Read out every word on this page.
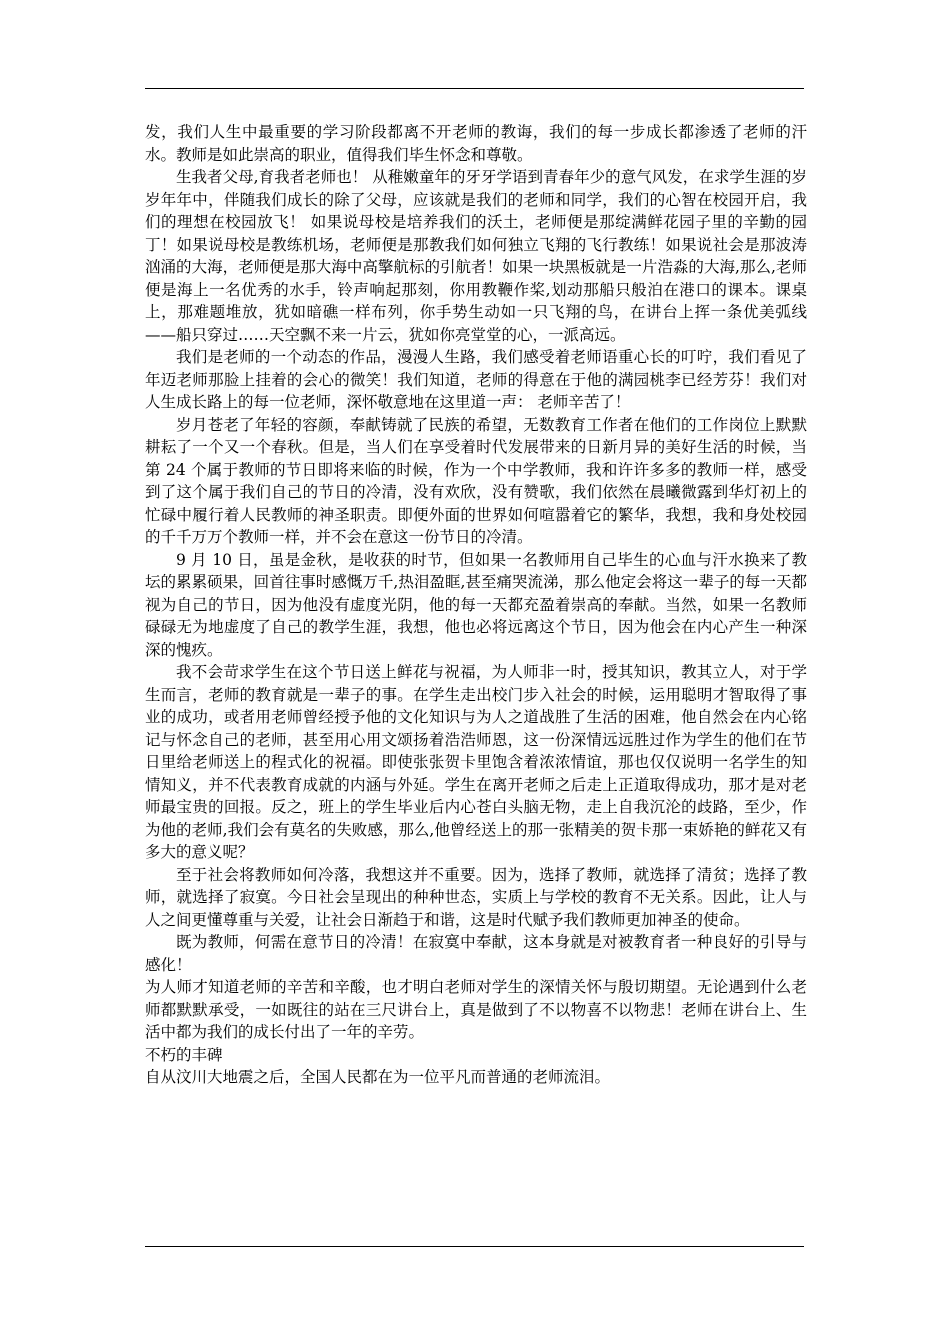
发，我们人生中最重要的学习阶段都离不开老师的教诲，我们的每一步成长都渗透了老师的汗水。教师是如此崇高的职业，值得我们毕生怀念和尊敬。

生我者父母,育我者老师也！ 从稚嫩童年的牙牙学语到青春年少的意气风发，在求学生涯的岁岁年年中，伴随我们成长的除了父母，应该就是我们的老师和同学，我们的心智在校园开启，我们的理想在校园放飞！ 如果说母校是培养我们的沃土，老师便是那绽满鲜花园子里的辛勤的园丁！如果说母校是教练机场，老师便是那教我们如何独立飞翔的飞行教练！如果说社会是那波涛汹涌的大海，老师便是那大海中高擎航标的引航者！如果一块黑板就是一片浩淼的大海,那么,老师便是海上一名优秀的水手，铃声响起那刻，你用教鞭作桨,划动那船只般泊在港口的课本。课桌上，那难题堆放，犹如暗礁一样布列，你手势生动如一只飞翔的鸟，在讲台上挥一条优美弧线——船只穿过……天空飘不来一片云，犹如你亮堂堂的心，一派高远。

我们是老师的一个动态的作品，漫漫人生路，我们感受着老师语重心长的叮咛，我们看见了年迈老师那脸上挂着的会心的微笑！我们知道，老师的得意在于他的满园桃李已经芳芬！我们对人生成长路上的每一位老师，深怀敬意地在这里道一声： 老师辛苦了！

岁月苍老了年轻的容颜，奉献铸就了民族的希望，无数教育工作者在他们的工作岗位上默默耕耘了一个又一个春秋。但是，当人们在享受着时代发展带来的日新月异的美好生活的时候，当第 24 个属于教师的节日即将来临的时候，作为一个中学教师，我和许许多多的教师一样，感受到了这个属于我们自己的节日的冷清，没有欢欣，没有赞歌，我们依然在晨曦微露到华灯初上的忙碌中履行着人民教师的神圣职责。即便外面的世界如何喧嚣着它的繁华，我想，我和身处校园的千千万万个教师一样，并不会在意这一份节日的冷清。

9 月 10 日，虽是金秋，是收获的时节，但如果一名教师用自己毕生的心血与汗水换来了教坛的累累硕果，回首往事时感慨万千,热泪盈眶,甚至痛哭流涕，那么他定会将这一辈子的每一天都视为自己的节日，因为他没有虚度光阴，他的每一天都充盈着崇高的奉献。当然，如果一名教师碌碌无为地虚度了自己的教学生涯，我想，他也必将远离这个节日，因为他会在内心产生一种深深的愧疚。

我不会苛求学生在这个节日送上鲜花与祝福，为人师非一时，授其知识，教其立人，对于学生而言，老师的教育就是一辈子的事。在学生走出校门步入社会的时候，运用聪明才智取得了事业的成功，或者用老师曾经授予他的文化知识与为人之道战胜了生活的困难，他自然会在内心铭记与怀念自己的老师，甚至用心用文颂扬着浩浩师恩，这一份深情远远胜过作为学生的他们在节日里给老师送上的程式化的祝福。即使张张贺卡里饱含着浓浓情谊，那也仅仅说明一名学生的知情知义，并不代表教育成就的内涵与外延。学生在离开老师之后走上正道取得成功，那才是对老师最宝贵的回报。反之，班上的学生毕业后内心苍白头脑无物，走上自我沉沦的歧路，至少，作为他的老师,我们会有莫名的失败感，那么,他曾经送上的那一张精美的贺卡那一束娇艳的鲜花又有多大的意义呢？

至于社会将教师如何冷落，我想这并不重要。因为，选择了教师，就选择了清贫；选择了教师，就选择了寂寞。今日社会呈现出的种种世态，实质上与学校的教育不无关系。因此，让人与人之间更懂尊重与关爱，让社会日渐趋于和谐，这是时代赋予我们教师更加神圣的使命。

既为教师，何需在意节日的冷清！在寂寞中奉献，这本身就是对被教育者一种良好的引导与感化！

为人师才知道老师的辛苦和辛酸，也才明白老师对学生的深情关怀与殷切期望。无论遇到什么老师都默默承受，一如既往的站在三尺讲台上，真是做到了不以物喜不以物悲！老师在讲台上、生活中都为我们的成长付出了一年的辛劳。

不朽的丰碑

自从汶川大地震之后，全国人民都在为一位平凡而普通的老师流泪。
